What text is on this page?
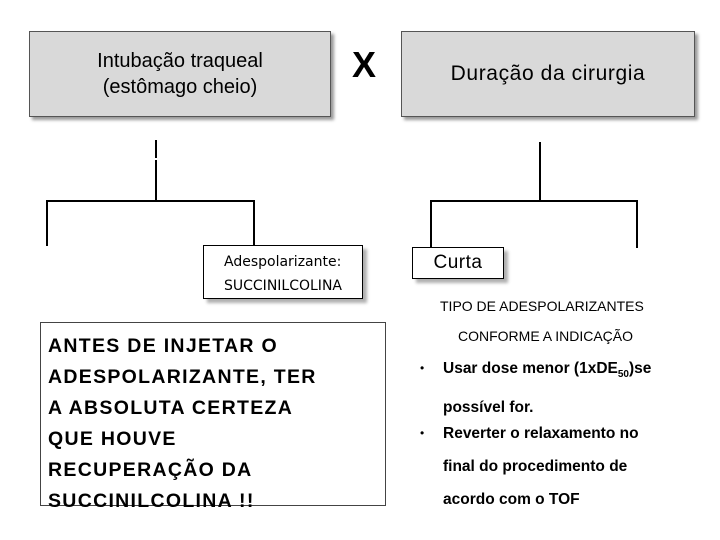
Intubação traqueal
(estômago cheio)
X	Duração da cirurgia
Adespolarizante:
SUCCINILCOLINA
Curta
ANTES DE INJETAR O
ADESPOLARIZANTE, TER
A ABSOLUTA CERTEZA
QUE HOUVE
RECUPERAÇÃO DA
SUCCINILCOLINA !!
TIPO DE ADESPOLARIZANTES
CONFORME A INDICAÇÃO
•	Usar dose menor (1xDE$_{50}$)se
possível for.
•	Reverter o relaxamento no
final do procedimento de
acordo com o TOF
